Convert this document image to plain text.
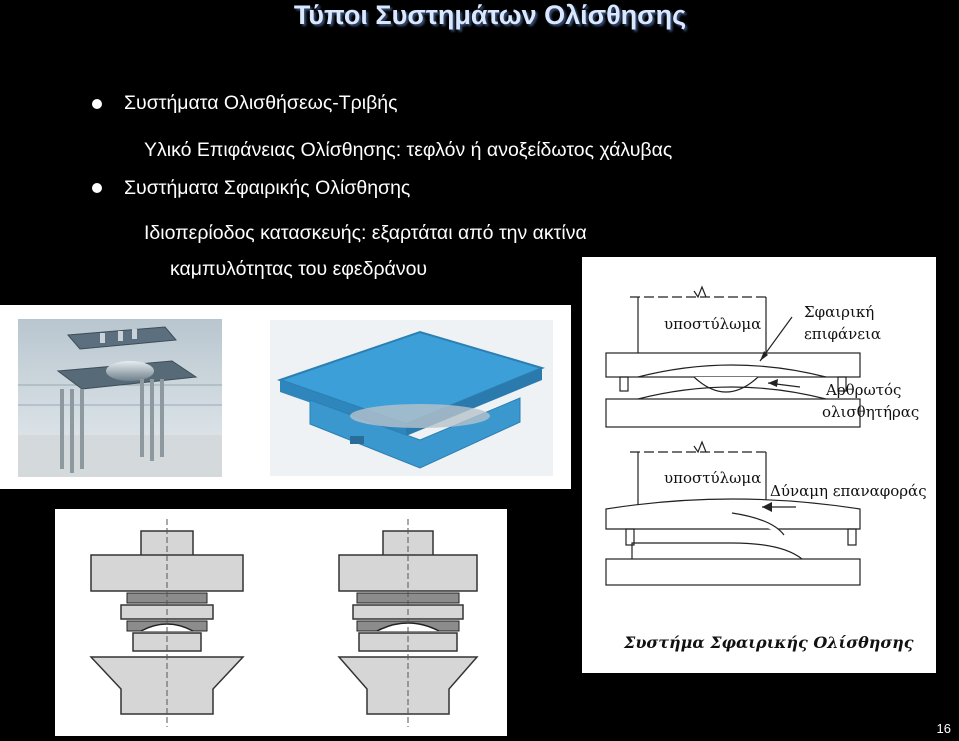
Τύποι Συστημάτων Ολίσθησης
Συστήματα Ολισθήσεως-Τριβής
Υλικό Επιφάνειας Ολίσθησης: τεφλόν ή ανοξείδωτος χάλυβας
Συστήματα Σφαιρικής Ολίσθησης
Ιδιοπερίοδος κατασκευής: εξαρτάται από την ακτίνα
καμπυλότητας του εφεδράνου
υποστύλωμα
Σφαιρική
επιφάνεια
Αρθρωτός
ολισθητήρας
υποστύλωμα
Δύναμη επαναφοράς
Συστήμα Σφαιρικής Ολίσθησης
16
